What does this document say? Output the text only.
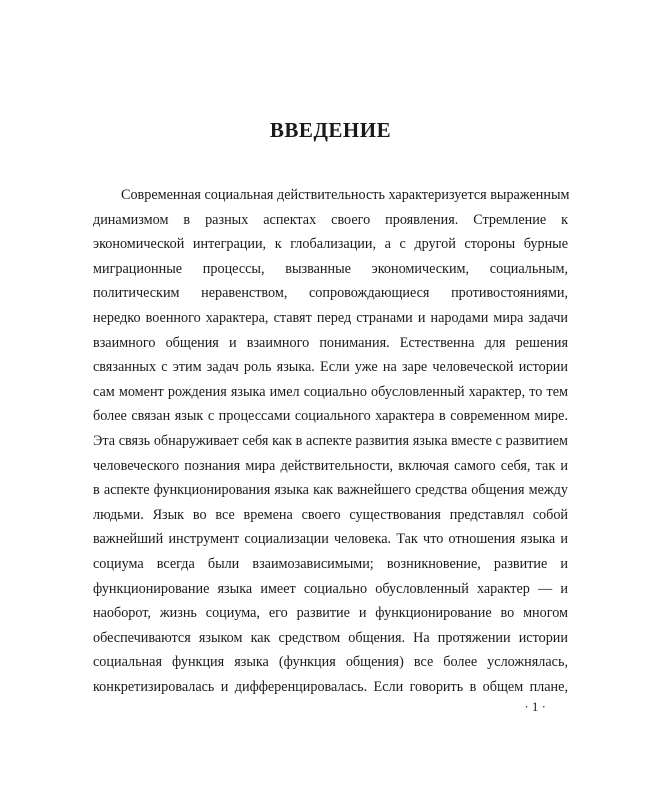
ВВЕДЕНИЕ
Современная социальная действительность характеризуется выраженным
динамизмом в разных аспектах своего проявления. Стремление к
экономической интеграции, к глобализации, а с другой стороны бурные
миграционные процессы, вызванные экономическим, социальным,
политическим неравенством, сопровождающиеся противостояниями,
нередко военного характера, ставят перед странами и народами мира задачи
взаимного общения и взаимного понимания. Естественна для решения
связанных с этим задач роль языка. Если уже на заре человеческой истории
сам момент рождения языка имел социально обусловленный характер, то тем
более связан язык с процессами социального характера в современном мире.
Эта связь обнаруживает себя как в аспекте развития языка вместе с развитием
человеческого познания мира действительности, включая самого себя, так и
в аспекте функционирования языка как важнейшего средства общения между
людьми. Язык во все времена своего существования представлял собой
важнейший инструмент социализации человека. Так что отношения языка и
социума всегда были взаимозависимыми; возникновение, развитие и
функционирование языка имеет социально обусловленный характер — и
наоборот, жизнь социума, его развитие и функционирование во многом
обеспечиваются языком как средством общения. На протяжении истории
социальная функция языка (функция общения) все более усложнялась,
конкретизировалась и дифференцировалась. Если говорить в общем плане,
· 1 ·
